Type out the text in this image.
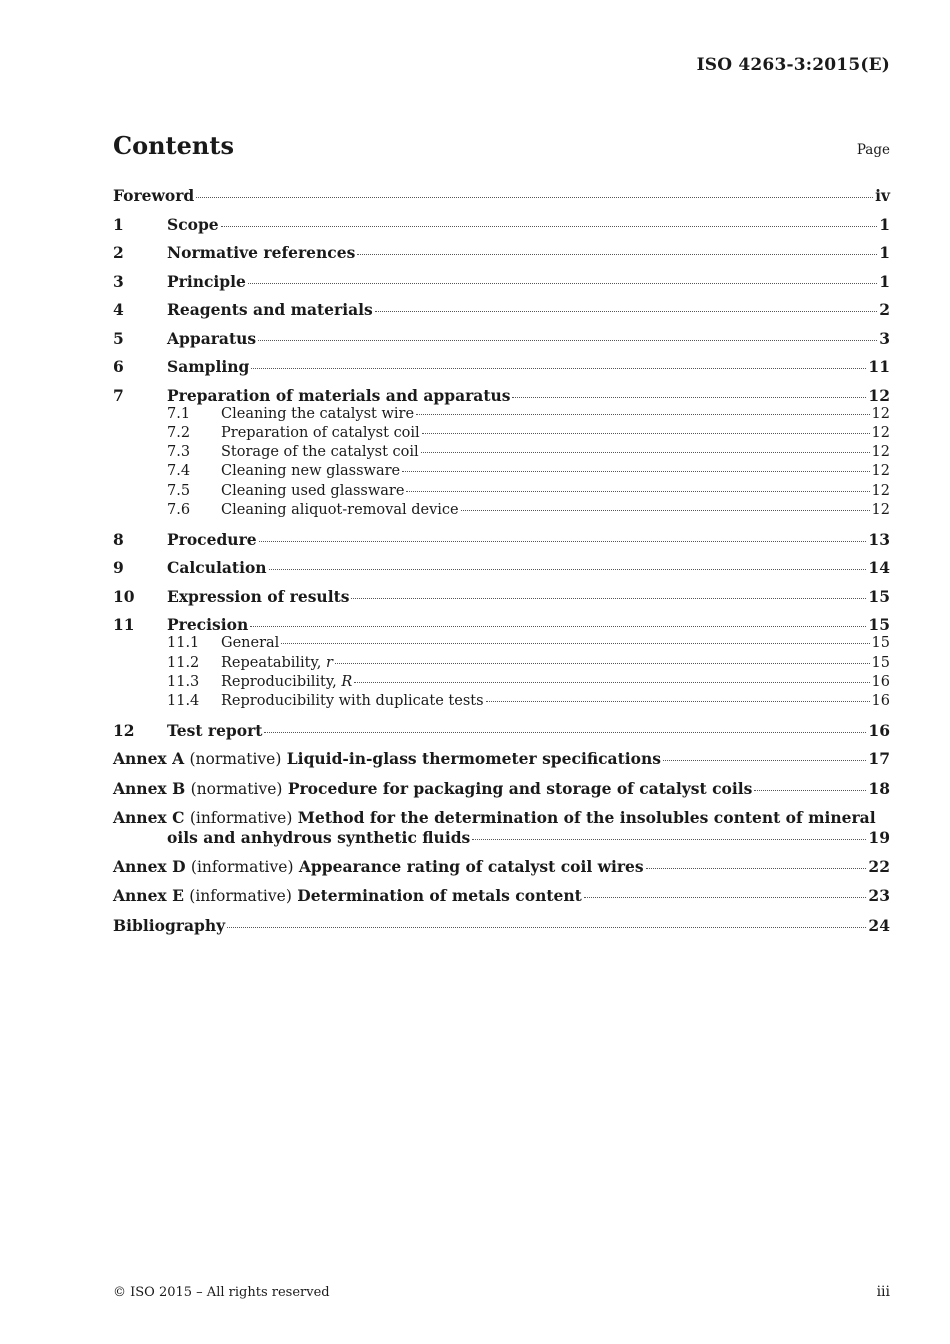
ISO 4263-3:2015(E)
Contents	Page
Foreword	iv
1	Scope	1
2	Normative references	1
3	Principle	1
4	Reagents and materials	2
5	Apparatus	3
6	Sampling	11
7	Preparation of materials and apparatus	12
7.1	Cleaning the catalyst wire	12
7.2	Preparation of catalyst coil	12
7.3	Storage of the catalyst coil	12
7.4	Cleaning new glassware	12
7.5	Cleaning used glassware	12
7.6	Cleaning aliquot-removal device	12
8	Procedure	13
9	Calculation	14
10	Expression of results	15
11	Precision	15
11.1	General	15
11.2	Repeatability, r	15
11.3	Reproducibility, R	16
11.4	Reproducibility with duplicate tests	16
12	Test report	16
Annex A (normative) Liquid-in-glass thermometer specifications	17
Annex B (normative) Procedure for packaging and storage of catalyst coils	18
Annex C (informative) Method for the determination of the insolubles content of mineral
oils and anhydrous synthetic fluids	19
Annex D (informative) Appearance rating of catalyst coil wires	22
Annex E (informative) Determination of metals content	23
Bibliography	24
© ISO 2015 – All rights reserved	iii
